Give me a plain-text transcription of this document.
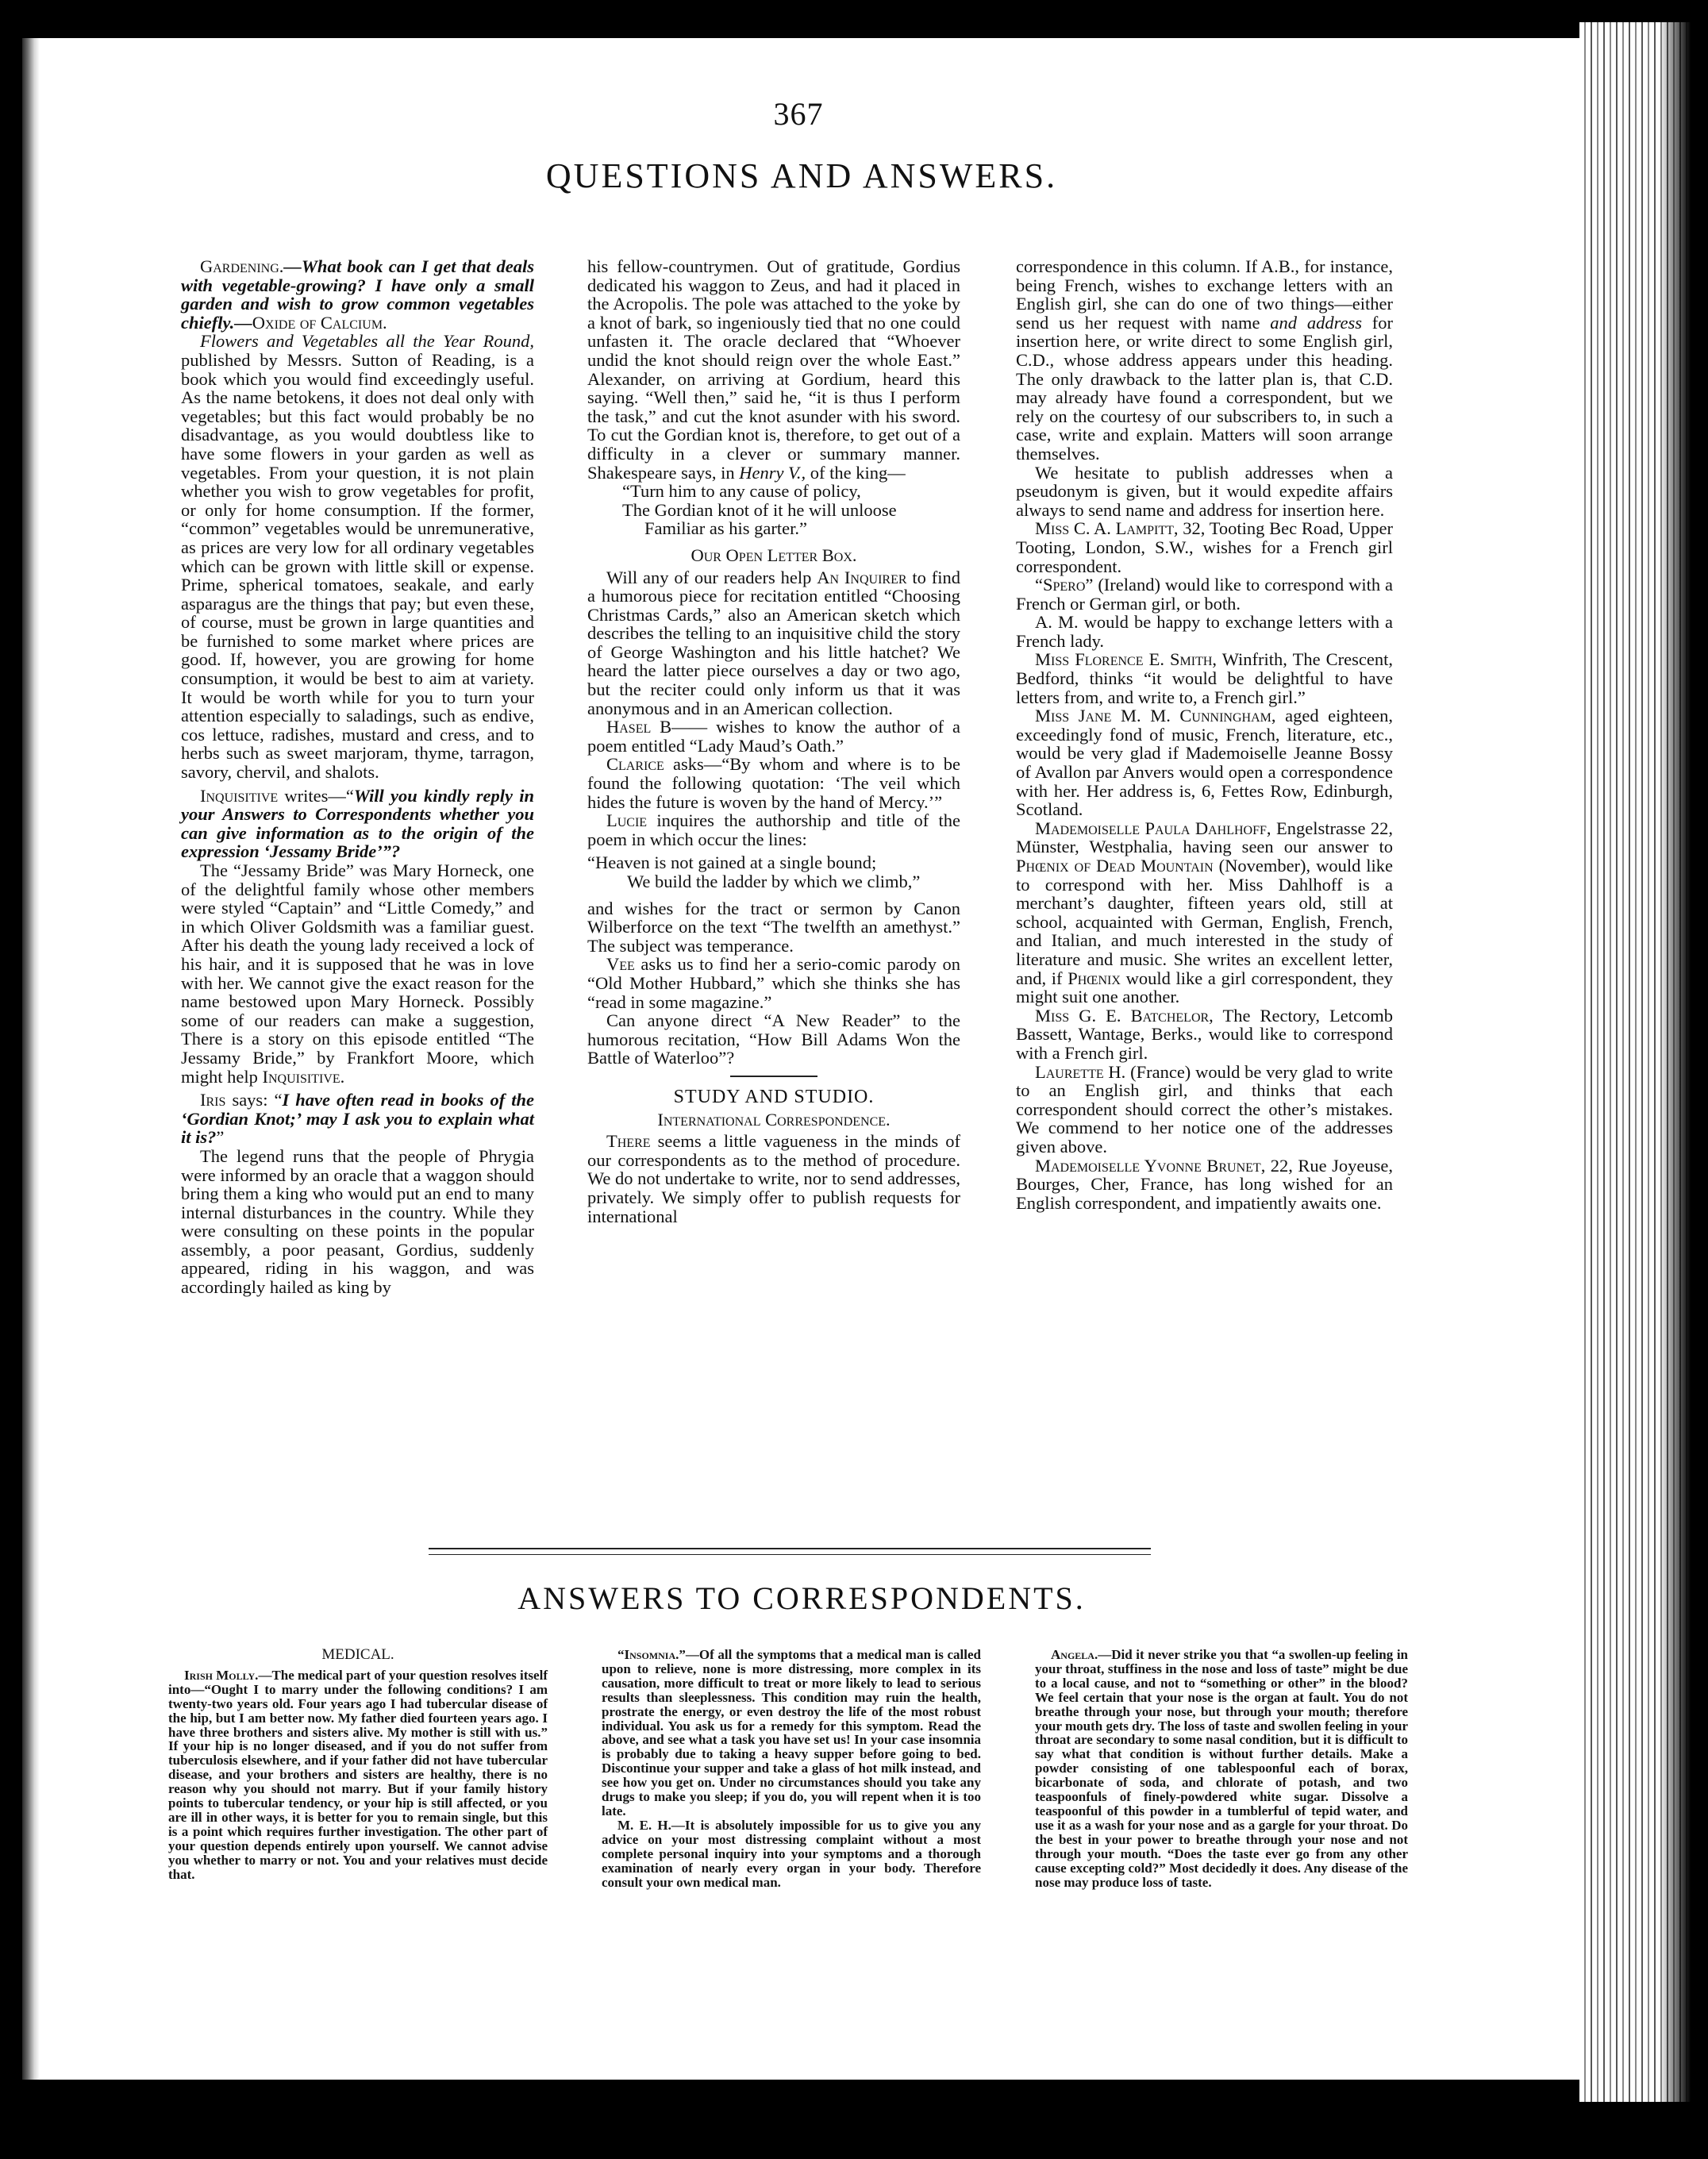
367
QUESTIONS AND ANSWERS.

Gardening.—What book can I get that deals with vegetable-growing? I have only a small garden and wish to grow common vegetables chiefly.—Oxide of Calcium.

Flowers and Vegetables all the Year Round, published by Messrs. Sutton of Reading, is a book which you would find exceedingly useful. As the name betokens, it does not deal only with vegetables; but this fact would probably be no disadvantage, as you would doubtless like to have some flowers in your garden as well as vegetables. From your question, it is not plain whether you wish to grow vegetables for profit, or only for home consumption. If the former, “common” vegetables would be unremunerative, as prices are very low for all ordinary vegetables which can be grown with little skill or expense. Prime, spherical tomatoes, seakale, and early asparagus are the things that pay; but even these, of course, must be grown in large quantities and be furnished to some market where prices are good. If, however, you are growing for home consumption, it would be best to aim at variety. It would be worth while for you to turn your attention especially to saladings, such as endive, cos lettuce, radishes, mustard and cress, and to herbs such as sweet marjoram, thyme, tarragon, savory, chervil, and shalots.

Inquisitive writes—“Will you kindly reply in your Answers to Correspondents whether you can give information as to the origin of the expression ‘Jessamy Bride’”?

The “Jessamy Bride” was Mary Horneck, one of the delightful family whose other members were styled “Captain” and “Little Comedy,” and in which Oliver Goldsmith was a familiar guest. After his death the young lady received a lock of his hair, and it is supposed that he was in love with her. We cannot give the exact reason for the name bestowed upon Mary Horneck. Possibly some of our readers can make a suggestion, There is a story on this episode entitled “The Jessamy Bride,” by Frankfort Moore, which might help Inquisitive.

Iris says: “I have often read in books of the ‘Gordian Knot;’ may I ask you to explain what it is?”

The legend runs that the people of Phrygia were informed by an oracle that a waggon should bring them a king who would put an end to many internal disturbances in the country. While they were consulting on these points in the popular assembly, a poor peasant, Gordius, suddenly appeared, riding in his waggon, and was accordingly hailed as king by

his fellow-countrymen. Out of gratitude, Gordius dedicated his waggon to Zeus, and had it placed in the Acropolis. The pole was attached to the yoke by a knot of bark, so ingeniously tied that no one could unfasten it. The oracle declared that “Whoever undid the knot should reign over the whole East.” Alexander, on arriving at Gordium, heard this saying. “Well then,” said he, “it is thus I perform the task,” and cut the knot asunder with his sword. To cut the Gordian knot is, therefore, to get out of a difficulty in a clever or summary manner. Shakespeare says, in Henry V., of the king—

“Turn him to any cause of policy,
The Gordian knot of it he will unloose
Familiar as his garter.”
Our Open Letter Box.

Will any of our readers help An Inquirer to find a humorous piece for recitation entitled “Choosing Christmas Cards,” also an American sketch which describes the telling to an inquisitive child the story of George Washington and his little hatchet? We heard the latter piece ourselves a day or two ago, but the reciter could only inform us that it was anonymous and in an American collection.

Hasel B—— wishes to know the author of a poem entitled “Lady Maud’s Oath.”

Clarice asks—“By whom and where is to be found the following quotation: ‘The veil which hides the future is woven by the hand of Mercy.’”

Lucie inquires the authorship and title of the poem in which occur the lines:

“Heaven is not gained at a single bound;
We build the ladder by which we climb,”

and wishes for the tract or sermon by Canon Wilberforce on the text “The twelfth an amethyst.” The subject was temperance.

Vee asks us to find her a serio-comic parody on “Old Mother Hubbard,” which she thinks she has “read in some magazine.”

Can anyone direct “A New Reader” to the humorous recitation, “How Bill Adams Won the Battle of Waterloo”?

STUDY AND STUDIO.
International Correspondence.

There seems a little vagueness in the minds of our correspondents as to the method of procedure. We do not undertake to write, nor to send addresses, privately. We simply offer to publish requests for international

correspondence in this column. If A.B., for instance, being French, wishes to exchange letters with an English girl, she can do one of two things—either send us her request with name and address for insertion here, or write direct to some English girl, C.D., whose address appears under this heading. The only drawback to the latter plan is, that C.D. may already have found a correspondent, but we rely on the courtesy of our subscribers to, in such a case, write and explain. Matters will soon arrange themselves.

We hesitate to publish addresses when a pseudonym is given, but it would expedite affairs always to send name and address for insertion here.

Miss C. A. Lampitt, 32, Tooting Bec Road, Upper Tooting, London, S.W., wishes for a French girl correspondent.

“Spero” (Ireland) would like to correspond with a French or German girl, or both.

A. M. would be happy to exchange letters with a French lady.

Miss Florence E. Smith, Winfrith, The Crescent, Bedford, thinks “it would be delightful to have letters from, and write to, a French girl.”

Miss Jane M. M. Cunningham, aged eighteen, exceedingly fond of music, French, literature, etc., would be very glad if Mademoiselle Jeanne Bossy of Avallon par Anvers would open a correspondence with her. Her address is, 6, Fettes Row, Edinburgh, Scotland.

Mademoiselle Paula Dahlhoff, Engelstrasse 22, Münster, Westphalia, having seen our answer to Phœnix of Dead Mountain (November), would like to correspond with her. Miss Dahlhoff is a merchant’s daughter, fifteen years old, still at school, acquainted with German, English, French, and Italian, and much interested in the study of literature and music. She writes an excellent letter, and, if Phœnix would like a girl correspondent, they might suit one another.

Miss G. E. Batchelor, The Rectory, Letcomb Bassett, Wantage, Berks., would like to correspond with a French girl.

Laurette H. (France) would be very glad to write to an English girl, and thinks that each correspondent should correct the other’s mistakes. We commend to her notice one of the addresses given above.

Mademoiselle Yvonne Brunet, 22, Rue Joyeuse, Bourges, Cher, France, has long wished for an English correspondent, and impatiently awaits one.

ANSWERS TO CORRESPONDENTS.
MEDICAL.

Irish Molly.—The medical part of your question resolves itself into—“Ought I to marry under the following conditions? I am twenty-two years old. Four years ago I had tubercular disease of the hip, but I am better now. My father died fourteen years ago. I have three brothers and sisters alive. My mother is still with us.” If your hip is no longer diseased, and if you do not suffer from tuberculosis elsewhere, and if your father did not have tubercular disease, and your brothers and sisters are healthy, there is no reason why you should not marry. But if your family history points to tubercular tendency, or your hip is still affected, or you are ill in other ways, it is better for you to remain single, but this is a point which requires further investigation. The other part of your question depends entirely upon yourself. We cannot advise you whether to marry or not. You and your relatives must decide that.

“Insomnia.”—Of all the symptoms that a medical man is called upon to relieve, none is more distressing, more complex in its causation, more difficult to treat or more likely to lead to serious results than sleeplessness. This condition may ruin the health, prostrate the energy, or even destroy the life of the most robust individual. You ask us for a remedy for this symptom. Read the above, and see what a task you have set us! In your case insomnia is probably due to taking a heavy supper before going to bed. Discontinue your supper and take a glass of hot milk instead, and see how you get on. Under no circumstances should you take any drugs to make you sleep; if you do, you will repent when it is too late.

M. E. H.—It is absolutely impossible for us to give you any advice on your most distressing complaint without a most complete personal inquiry into your symptoms and a thorough examination of nearly every organ in your body. Therefore consult your own medical man.

Angela.—Did it never strike you that “a swollen-up feeling in your throat, stuffiness in the nose and loss of taste” might be due to a local cause, and not to “something or other” in the blood? We feel certain that your nose is the organ at fault. You do not breathe through your nose, but through your mouth; therefore your mouth gets dry. The loss of taste and swollen feeling in your throat are secondary to some nasal condition, but it is difficult to say what that condition is without further details. Make a powder consisting of one tablespoonful each of borax, bicarbonate of soda, and chlorate of potash, and two teaspoonfuls of finely-powdered white sugar. Dissolve a teaspoonful of this powder in a tumblerful of tepid water, and use it as a wash for your nose and as a gargle for your throat. Do the best in your power to breathe through your nose and not through your mouth. “Does the taste ever go from any other cause excepting cold?” Most decidedly it does. Any disease of the nose may produce loss of taste.
